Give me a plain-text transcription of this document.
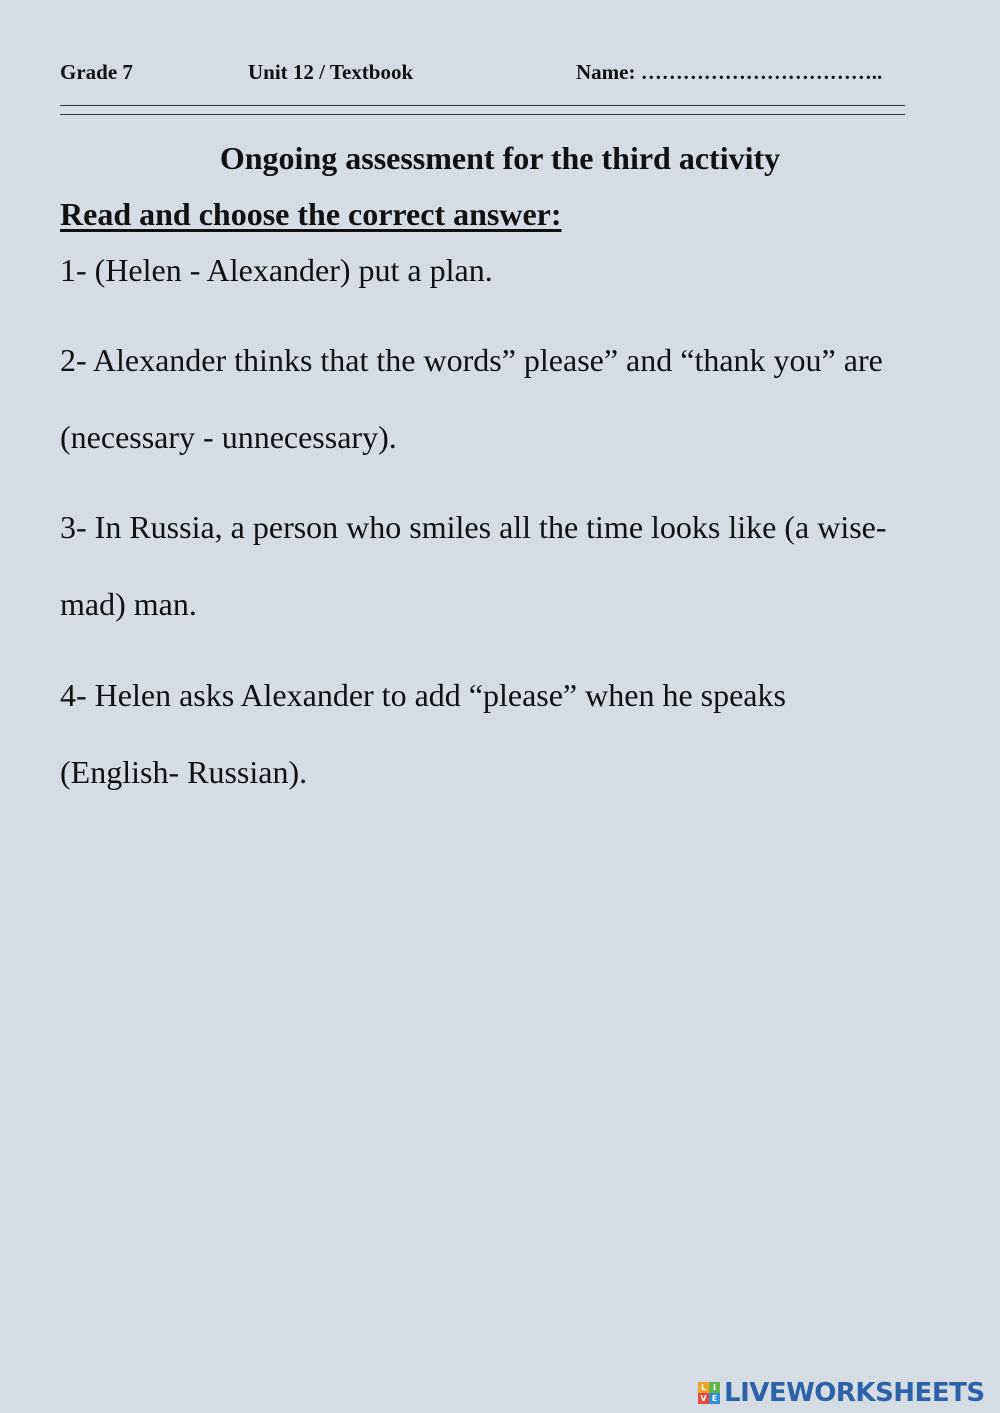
Grade 7	Unit 12 / Textbook	Name: ……………………………..
Ongoing assessment for the third activity
Read and choose the correct answer:
1- (Helen - Alexander) put a plan.
2- Alexander thinks that the words” please” and “thank you” are
(necessary - unnecessary).
3- In Russia, a person who smiles all the time looks like (a wise-
mad) man.
4- Helen asks Alexander to add “please” when he speaks
(English- Russian).
L I
V E LIVEWORKSHEETS
